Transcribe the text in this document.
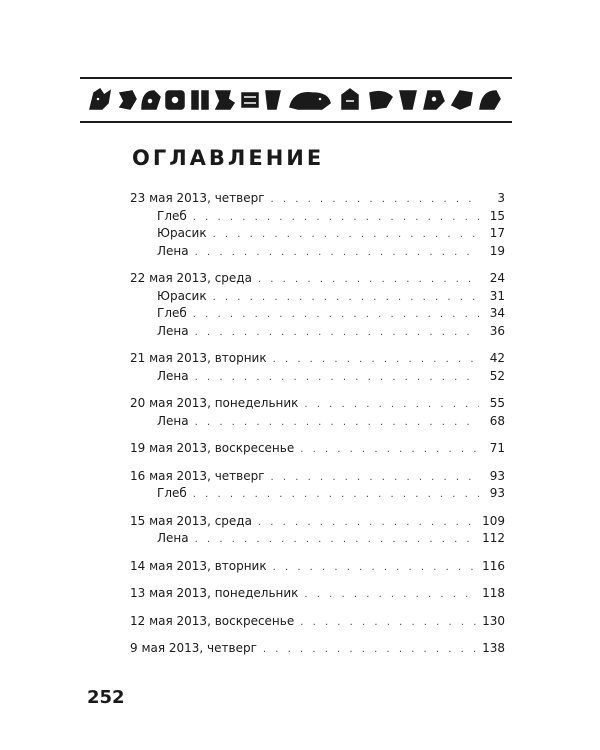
ОГЛАВЛЕНИЕ
23 мая 2013, четверг . . .	3
Глеб . . .	15
Юрасик . . .	17
Лена . . .	19
22 мая 2013, среда . . .	24
Юрасик . . .	31
Глеб . . .	34
Лена . . .	36
21 мая 2013, вторник . . .	42
Лена . . .	52
20 мая 2013, понедельник . . .	55
Лена . . .	68
19 мая 2013, воскресенье . . .	71
16 мая 2013, четверг . . .	93
Глеб . . .	93
15 мая 2013, среда . . .	109
Лена . . .	112
14 мая 2013, вторник . . .	116
13 мая 2013, понедельник . . .	118
12 мая 2013, воскресенье . . .	130
9 мая 2013, четверг . . .	138
252
